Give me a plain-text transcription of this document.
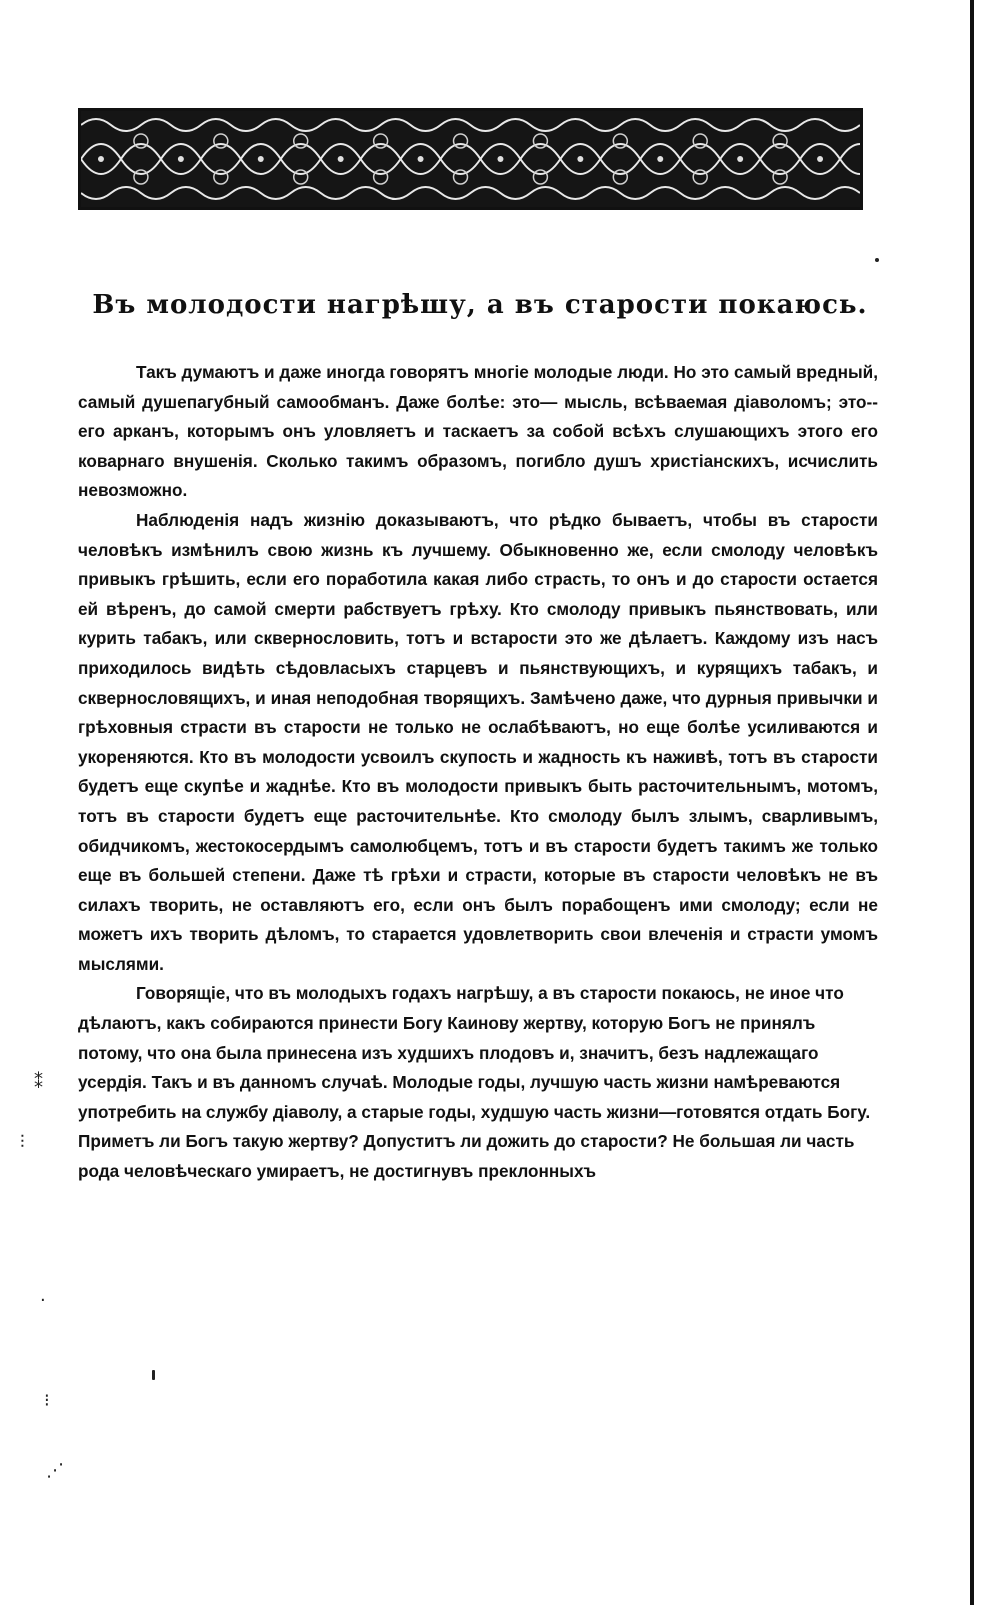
Въ молодости нагрѣшу, а въ старости покаюсь.

Такъ думаютъ и даже иногда говорятъ многіе молодые люди. Но это самый вредный, самый душепагубный самообманъ. Даже болѣе: это— мысль, всѣваемая діаволомъ; это--его арканъ, которымъ онъ уловляетъ и таскаетъ за собой всѣхъ слушающихъ этого его коварнаго внушенія. Сколько такимъ образомъ, погибло душъ христіанскихъ, исчислить невозможно.

Наблюденія надъ жизнію доказываютъ, что рѣдко бываетъ, чтобы въ старости человѣкъ измѣнилъ свою жизнь къ лучшему. Обыкновенно же, если смолоду человѣкъ привыкъ грѣшить, если его поработила какая либо страсть, то онъ и до старости остается ей вѣренъ, до самой смерти рабствуетъ грѣху. Кто смолоду привыкъ пьянствовать, или курить табакъ, или сквернословить, тотъ и встарости это же дѣлаетъ. Каждому изъ насъ приходилось видѣть сѣдовласыхъ старцевъ и пьянствующихъ, и курящихъ табакъ, и сквернословящихъ, и иная неподобная творящихъ. Замѣчено даже, что дурныя привычки и грѣховныя страсти въ старости не только не ослабѣваютъ, но еще болѣе усиливаются и укореняются. Кто въ молодости усвоилъ скупость и жадность къ наживѣ, тотъ въ старости будетъ еще скупѣе и жаднѣе. Кто въ молодости привыкъ быть расточительнымъ, мотомъ, тотъ въ старости будетъ еще расточительнѣе. Кто смолоду былъ злымъ, сварливымъ, обидчикомъ, жестокосердымъ самолюбцемъ, тотъ и въ старости будетъ такимъ же только еще въ большей степени. Даже тѣ грѣхи и страсти, которые въ старости человѣкъ не въ силахъ творить, не оставляютъ его, если онъ былъ порабощенъ ими смолоду; если не можетъ ихъ творить дѣломъ, то старается удовлетворить свои влеченія и страсти умомъ мыслями.

Говорящіе, что въ молодыхъ годахъ нагрѣшу, а въ старости покаюсь, не иное что дѣлаютъ, какъ собираются принести Богу Каинову жертву, которую Богъ не принялъ потому, что она была принесена изъ худшихъ плодовъ и, значитъ, безъ надлежащаго усердія. Такъ и въ данномъ случаѣ. Молодые годы, лучшую часть жизни намѣреваются употребить на службу діаволу, а старые годы, худшую часть жизни—готовятся отдать Богу. Приметъ ли Богъ такую жертву? Допуститъ ли дожить до старости? Не большая ли часть рода человѣческаго умираетъ, не достигнувъ преклонныхъ

⁑
⫶
·
⁝
⋰
